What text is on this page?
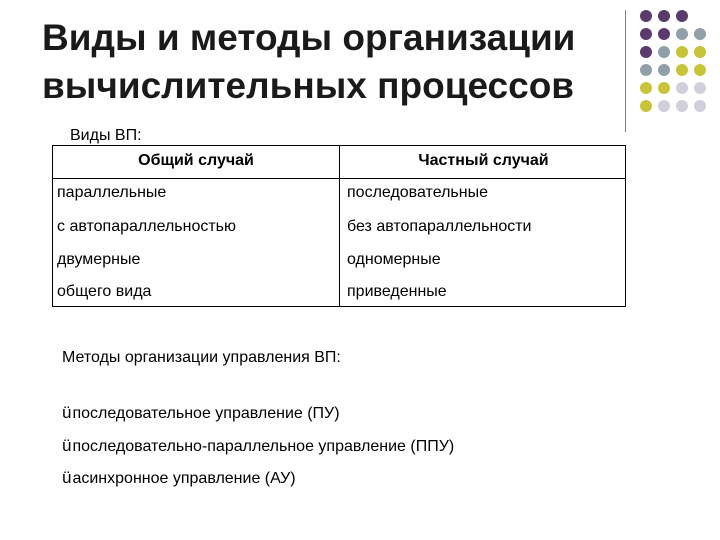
Виды и методы организации
вычислительных процессов
Виды ВП:
Общий случай	Частный случай
параллельные	последовательные
с автопараллельностью	без автопараллельности
двумерные	одномерные
общего вида	приведенные
Методы организации управления ВП:
üпоследовательное управление (ПУ)
üпоследовательно-параллельное управление (ППУ)
üасинхронное управление (АУ)
